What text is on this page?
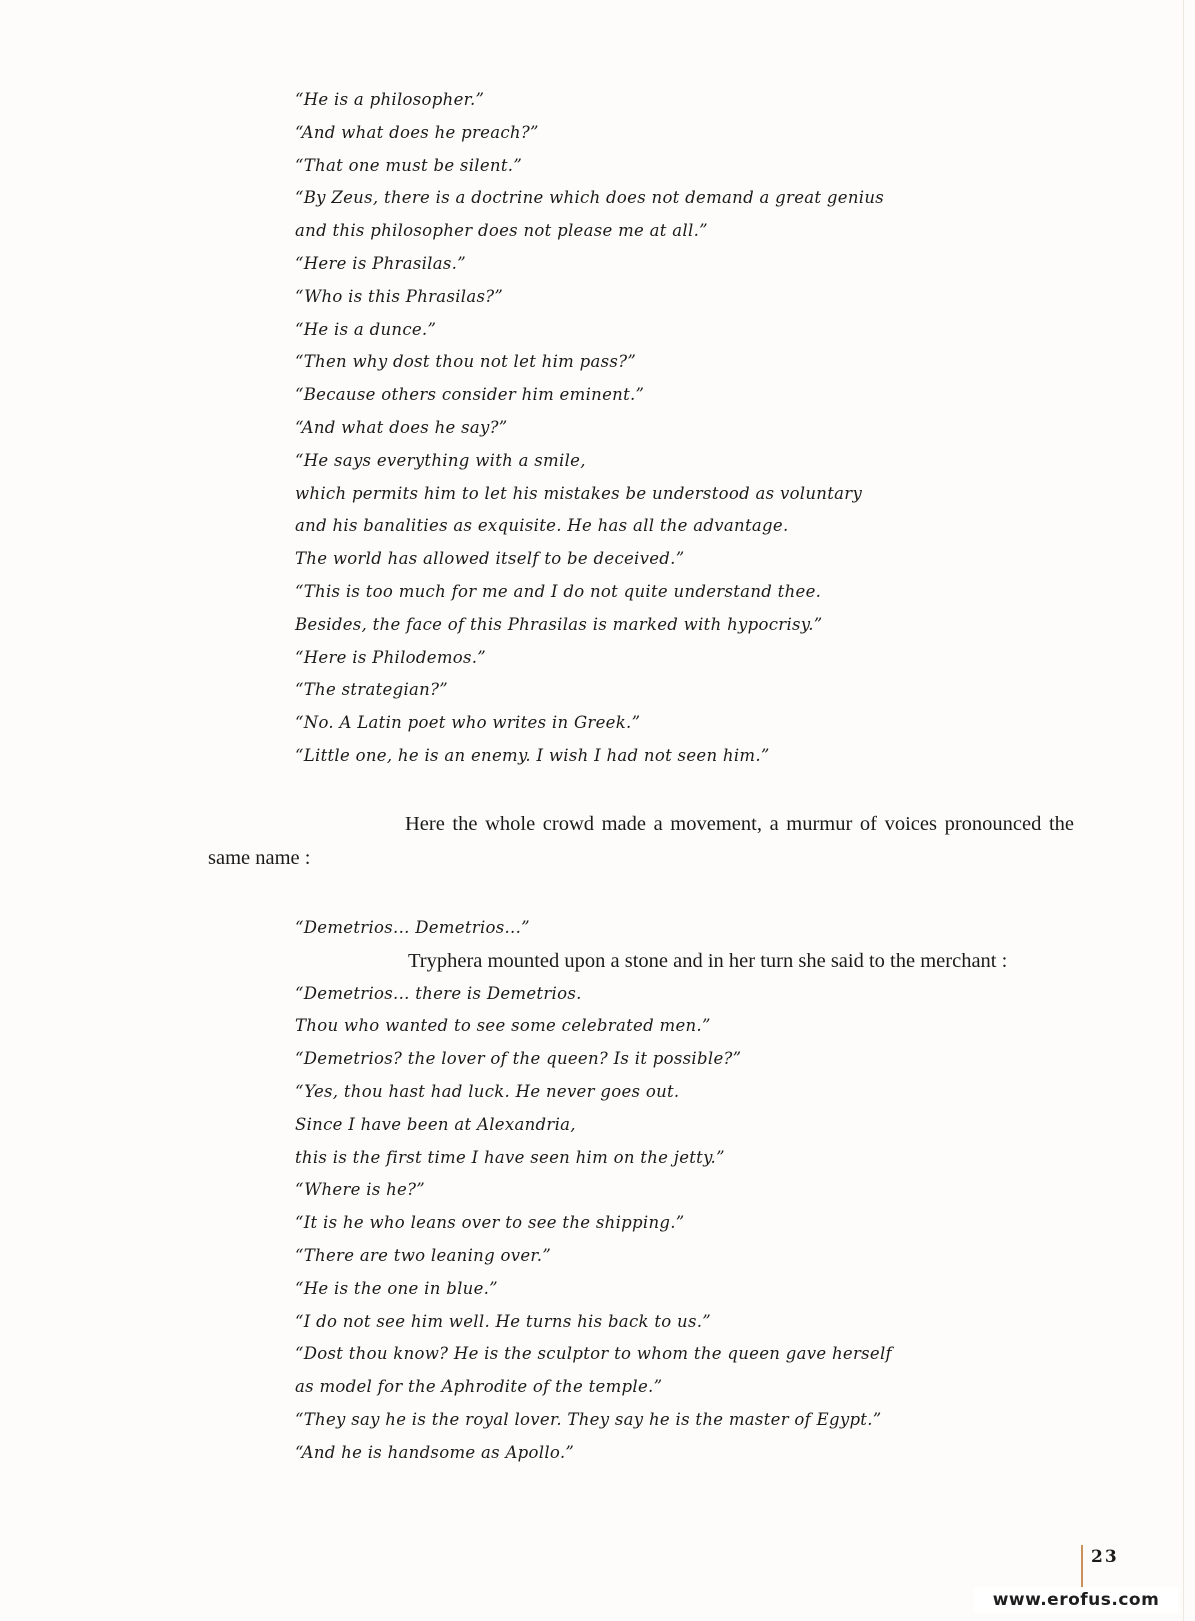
“He is a philosopher.”
“And what does he preach?”
“That one must be silent.”
“By Zeus, there is a doctrine which does not demand a great genius
and this philosopher does not please me at all.”
“Here is Phrasilas.”
“Who is this Phrasilas?”
“He is a dunce.”
“Then why dost thou not let him pass?”
“Because others consider him eminent.”
“And what does he say?”
“He says everything with a smile,
which permits him to let his mistakes be understood as voluntary
and his banalities as exquisite. He has all the advantage.
The world has allowed itself to be deceived.”
“This is too much for me and I do not quite understand thee.
Besides, the face of this Phrasilas is marked with hypocrisy.”
“Here is Philodemos.”
“The strategian?”
“No. A Latin poet who writes in Greek.”
“Little one, he is an enemy. I wish I had not seen him.”

Here the whole crowd made a movement, a murmur of voices pronounced the same name :

“Demetrios... Demetrios...”
Tryphera mounted upon a stone and in her turn she said to the merchant :
“Demetrios... there is Demetrios.
Thou who wanted to see some celebrated men.”
“Demetrios? the lover of the queen? Is it possible?”
“Yes, thou hast had luck. He never goes out.
Since I have been at Alexandria,
this is the first time I have seen him on the jetty.”
“Where is he?”
“It is he who leans over to see the shipping.”
“There are two leaning over.”
“He is the one in blue.”
“I do not see him well. He turns his back to us.”
“Dost thou know? He is the sculptor to whom the queen gave herself
as model for the Aphrodite of the temple.”
“They say he is the royal lover. They say he is the master of Egypt.”
“And he is handsome as Apollo.”
23
www.erofus.com
